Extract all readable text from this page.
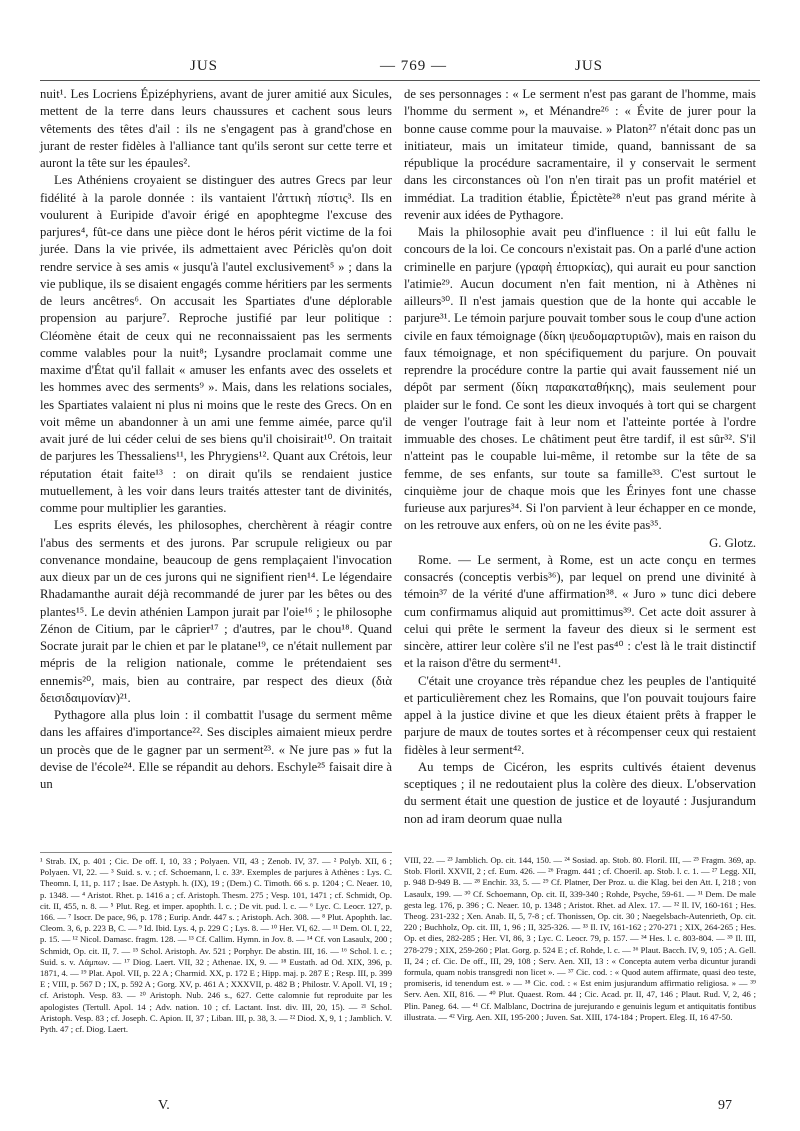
JUS	— 769 —	JUS

nuit¹. Les Locriens Épizéphyriens, avant de jurer amitié aux Sicules, mettent de la terre dans leurs chaussures et cachent sous leurs vêtements des têtes d'ail : ils ne s'engagent pas à grand'chose en jurant de rester fidèles à l'alliance tant qu'ils seront sur cette terre et auront la tête sur les épaules².

Les Athéniens croyaient se distinguer des autres Grecs par leur fidélité à la parole donnée : ils vantaient l'ἀττικὴ πίστις³. Ils en voulurent à Euripide d'avoir érigé en apophtegme l'excuse des parjures⁴, fût-ce dans une pièce dont le héros périt victime de la foi jurée. Dans la vie privée, ils admettaient avec Périclès qu'on doit rendre service à ses amis « jusqu'à l'autel exclusivement⁵ » ; dans la vie publique, ils se disaient engagés comme héritiers par les serments de leurs ancêtres⁶. On accusait les Spartiates d'une déplorable propension au parjure⁷. Reproche justifié par leur politique : Cléomène était de ceux qui ne reconnaissaient pas les serments comme valables pour la nuit⁸; Lysandre proclamait comme une maxime d'État qu'il fallait « amuser les enfants avec des osselets et les hommes avec des serments⁹ ». Mais, dans les relations sociales, les Spartiates valaient ni plus ni moins que le reste des Grecs. On en voit même un abandonner à un ami une femme aimée, parce qu'il avait juré de lui céder celui de ses biens qu'il choisirait¹⁰. On traitait de parjures les Thessaliens¹¹, les Phrygiens¹². Quant aux Crétois, leur réputation était faite¹³ : on dirait qu'ils se rendaient justice mutuellement, à les voir dans leurs traités attester tant de divinités, comme pour multiplier les garanties.

Les esprits élevés, les philosophes, cherchèrent à réagir contre l'abus des serments et des jurons. Par scrupule religieux ou par convenance mondaine, beaucoup de gens remplaçaient l'invocation aux dieux par un de ces jurons qui ne signifient rien¹⁴. Le légendaire Rhadamanthe aurait déjà recommandé de jurer par les bêtes ou des plantes¹⁵. Le devin athénien Lampon jurait par l'oie¹⁶ ; le philosophe Zénon de Citium, par le câprier¹⁷ ; d'autres, par le chou¹⁸. Quand Socrate jurait par le chien et par le platane¹⁹, ce n'était nullement par mépris de la religion nationale, comme le prétendaient ses ennemis²⁰, mais, bien au contraire, par respect des dieux (διὰ δεισιδαιμονίαν)²¹.

Pythagore alla plus loin : il combattit l'usage du serment même dans les affaires d'importance²². Ses disciples aimaient mieux perdre un procès que de le gagner par un serment²³. « Ne jure pas » fut la devise de l'école²⁴. Elle se répandit au dehors. Eschyle²⁵ faisait dire à un

de ses personnages : « Le serment n'est pas garant de l'homme, mais l'homme du serment », et Ménandre²⁶ : « Évite de jurer pour la bonne cause comme pour la mauvaise. » Platon²⁷ n'était donc pas un initiateur, mais un imitateur timide, quand, bannissant de sa république la procédure sacramentaire, il y conservait le serment dans les circonstances où l'on n'en tirait pas un profit matériel et immédiat. La tradition établie, Épictète²⁸ n'eut pas grand mérite à revenir aux idées de Pythagore.

Mais la philosophie avait peu d'influence : il lui eût fallu le concours de la loi. Ce concours n'existait pas. On a parlé d'une action criminelle en parjure (γραφὴ ἐπιορκίας), qui aurait eu pour sanction l'atimie²⁹. Aucun document n'en fait mention, ni à Athènes ni ailleurs³⁰. Il n'est jamais question que de la honte qui accable le parjure³¹. Le témoin parjure pouvait tomber sous le coup d'une action civile en faux témoignage (δίκη ψευδομαρτυριῶν), mais en raison du faux témoignage, et non spécifiquement du parjure. On pouvait reprendre la procédure contre la partie qui avait faussement nié un dépôt par serment (δίκη παρακαταθήκης), mais seulement pour plaider sur le fond. Ce sont les dieux invoqués à tort qui se chargent de venger l'outrage fait à leur nom et l'atteinte portée à l'ordre immuable des choses. Le châtiment peut être tardif, il est sûr³². S'il n'atteint pas le coupable lui-même, il retombe sur la tête de sa femme, de ses enfants, sur toute sa famille³³. C'est surtout le cinquième jour de chaque mois que les Érinyes font une chasse furieuse aux parjures³⁴. Si l'on parvient à leur échapper en ce monde, on les retrouve aux enfers, où on ne les évite pas³⁵.

G. Glotz.

Rome. — Le serment, à Rome, est un acte conçu en termes consacrés (conceptis verbis³⁶), par lequel on prend une divinité à témoin³⁷ de la vérité d'une affirmation³⁸. « Juro » tunc dici debere cum confirmamus aliquid aut promittimus³⁹. Cet acte doit assurer à celui qui prête le serment la faveur des dieux si le serment est sincère, attirer leur colère s'il ne l'est pas⁴⁰ : c'est là le trait distinctif et la raison d'être du serment⁴¹.

C'était une croyance très répandue chez les peuples de l'antiquité et particulièrement chez les Romains, que l'on pouvait toujours faire appel à la justice divine et que les dieux étaient prêts à frapper le parjure de maux de toutes sortes et à récompenser ceux qui restaient fidèles à leur serment⁴².

Au temps de Cicéron, les esprits cultivés étaient devenus sceptiques ; il ne redoutaient plus la colère des dieux. L'observation du serment était une question de justice et de loyauté : Jusjurandum non ad iram deorum quae nulla

¹ Strab. IX, p. 401 ; Cic. De off. I, 10, 33 ; Polyaen. VII, 43 ; Zenob. IV, 37. — ² Polyb. XII, 6 ; Polyaen. VI, 22. — ³ Suid. s. v. ; cf. Schoemann, l. c. 33ᵉ. Exemples de parjures à Athènes : Lys. C. Theomn. I, 11, p. 117 ; Isae. De Astyph. h. (IX), 19 ; (Dem.) C. Timoth. 66 s. p. 1204 ; C. Neaer. 10, p. 1348. — ⁴ Aristot. Rhet. p. 1416 a ; cf. Aristoph. Thesm. 275 ; Vesp. 101, 1471 ; cf. Schmidt, Op. cit. II, 455, n. 8. — ⁵ Plut. Reg. et imper. apophth. l. c. ; De vit. pud. l. c. — ⁶ Lyc. C. Leocr. 127, p. 166. — ⁷ Isocr. De pace, 96, p. 178 ; Eurip. Andr. 447 s. ; Aristoph. Ach. 308. — ⁸ Plut. Apophth. lac. Cleom. 3, 6, p. 223 B, C. — ⁹ Id. Ibid. Lys. 4, p. 229 C ; Lys. 8. — ¹⁰ Her. VI, 62. — ¹¹ Dem. Ol. I, 22, p. 15. — ¹² Nicol. Damasc. fragm. 128. — ¹³ Cf. Callim. Hymn. in Jov. 8. — ¹⁴ Cf. von Lasaulx, 200 ; Schmidt, Op. cit. II, 7. — ¹⁵ Schol. Aristoph. Av. 521 ; Porphyr. De abstin. III, 16. — ¹⁶ Schol. l. c. ; Suid. s. v. Λάμπων. — ¹⁷ Diog. Laert. VII, 32 ; Athenae. IX, 9. — ¹⁸ Eustath. ad Od. XIX, 396, p. 1871, 4. — ¹⁹ Plat. Apol. VII, p. 22 A ; Charmid. XX, p. 172 E ; Hipp. maj. p. 287 E ; Resp. III, p. 399 E ; VIII, p. 567 D ; IX, p. 592 A ; Gorg. XV, p. 461 A ; XXXVII, p. 482 B ; Philostr. V. Apoll. VI, 19 ; cf. Aristoph. Vesp. 83. — ²⁰ Aristoph. Nub. 246 s., 627. Cette calomnie fut reproduite par les apologistes (Tertull. Apol. 14 ; Adv. nation. 10 ; cf. Lactant. Inst. div. III, 20, 15). — ²¹ Schol. Aristoph. Vesp. 83 ; cf. Joseph. C. Apion. II, 37 ; Liban. III, p. 38, 3. — ²² Diod. X, 9, 1 ; Jamblich. V. Pyth. 47 ; cf. Diog. Laert.
VIII, 22. — ²³ Jamblich. Op. cit. 144, 150. — ²⁴ Sosiad. ap. Stob. 80. Floril. III, — ²⁵ Fragm. 369, ap. Stob. Floril. XXVII, 2 ; cf. Eum. 426. — ²⁶ Fragm. 441 ; cf. Choeril. ap. Stob. l. c. 1. — ²⁷ Legg. XII, p. 948 D-949 B. — ²⁸ Enchir. 33, 5. — ²⁹ Cf. Platner, Der Proz. u. die Klag. bei den Att. I, 218 ; von Lasaulx, 199. — ³⁰ Cf. Schoemann, Op. cit. II, 339-340 ; Rohde, Psyche, 59-61. — ³¹ Dem. De male gesta leg. 176, p. 396 ; C. Neaer. 10, p. 1348 ; Aristot. Rhet. ad Alex. 17. — ³² Il. IV, 160-161 ; Hes. Theog. 231-232 ; Xen. Anab. II, 5, 7-8 ; cf. Thonissen, Op. cit. 30 ; Naegelsbach-Autenrieth, Op. cit. 220 ; Buchholz, Op. cit. III, 1, 96 ; II, 325-326. — ³³ Il. IV, 161-162 ; 270-271 ; XIX, 264-265 ; Hes. Op. et dies, 282-285 ; Her. VI, 86, 3 ; Lyc. C. Leocr. 79, p. 157. — ³⁴ Hes. l. c. 803-804. — ³⁵ Il. III, 278-279 ; XIX, 259-260 ; Plat. Gorg. p. 524 E ; cf. Rohde, l. c. — ³⁶ Plaut. Bacch. IV, 9, 105 ; A. Gell. II, 24 ; cf. Cic. De off., III, 29, 108 ; Serv. Aen. XII, 13 : « Concepta autem verba dicuntur jurandi formula, quam nobis transgredi non licet ». — ³⁷ Cic. cod. : « Quod autem affirmate, quasi deo teste, promiseris, id tenendum est. » — ³⁸ Cic. cod. : « Est enim jusjurandum affirmatio religiosa. » — ³⁹ Serv. Aen. XII, 816. — ⁴⁰ Plut. Quaest. Rom. 44 ; Cic. Acad. pr. II, 47, 146 ; Plaut. Rud. V, 2, 46 ; Plin. Paneg. 64. — ⁴¹ Cf. Malblanc, Doctrina de jurejurando e genuinis legum et antiquitatis fontibus illustrata. — ⁴² Virg. Aen. XII, 195-200 ; Juven. Sat. XIII, 174-184 ; Propert. Eleg. II, 16 47-50.
V.	97
